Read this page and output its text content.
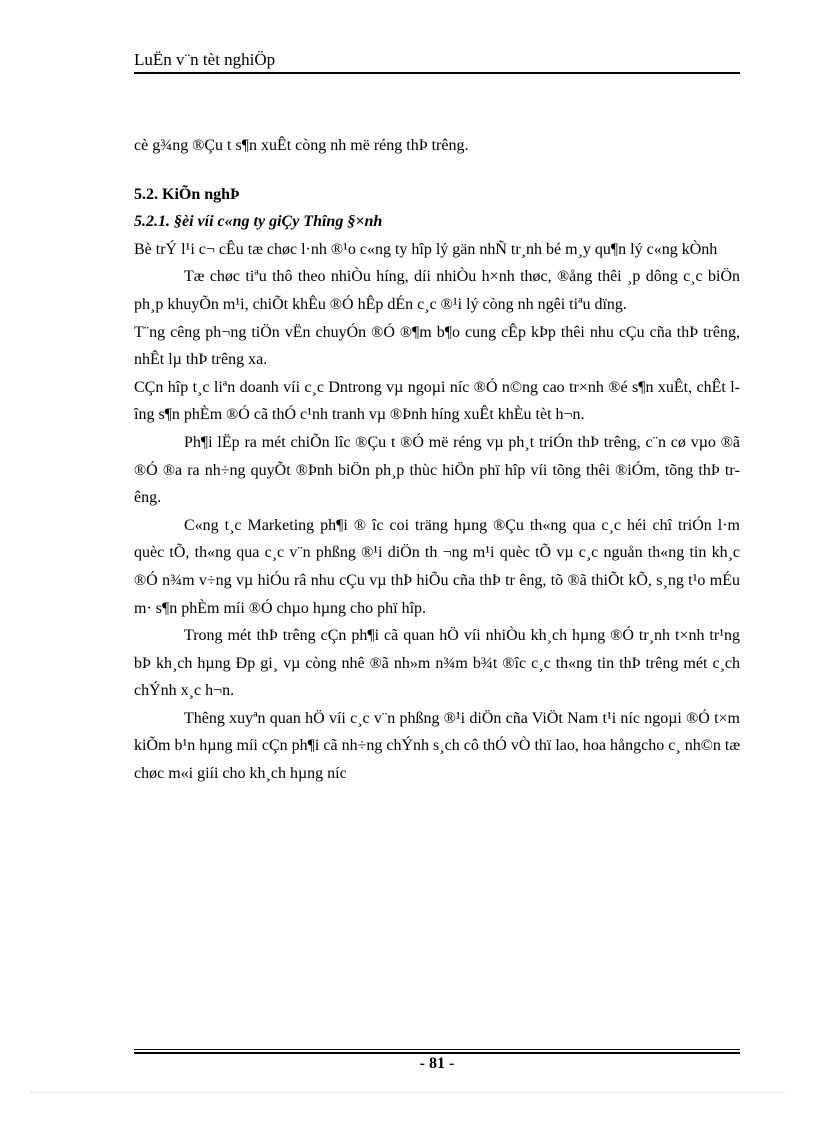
LuËn v¨n tèt nghiÖp

cè g¾ng ®Çu t s¶n xuÊt còng nh më réng thÞ trêng.

5.2. KiÕn nghÞ
5.2.1. §èi víi c«ng ty giÇy Thîng §×nh

Bè trÝ l¹i c¬ cÊu tæ chøc l·nh ®¹o c«ng ty hîp lý gän nhÑ tr¸nh bé m¸y qu¶n lý c«ng kÒnh

Tæ chøc tiªu thô theo nhiÒu híng, díi nhiÒu h×nh thøc, ®ång thêi ¸p dông c¸c biÖn ph¸p khuyÕn m¹i, chiÕt khÊu ®Ó hÊp dÉn c¸c ®¹i lý còng nh ngêi tiªu dïng.

T¨ng cêng ph¬ng tiÖn vËn chuyÓn ®Ó ®¶m b¶o cung cÊp kÞp thêi nhu cÇu cña thÞ trêng, nhÊt lµ thÞ trêng xa.

CÇn hîp t¸c liªn doanh víi c¸c Dntrong vµ ngoµi níc ®Ó n©ng cao tr×nh ®é s¶n xuÊt, chÊt lîng s¶n phÈm ®Ó cã thÓ c¹nh tranh vµ ®Þnh híng xuÊt khÈu tèt h¬n.

Ph¶i lËp ra mét chiÕn lîc ®Çu t ®Ó më réng vµ ph¸t triÓn thÞ trêng, c¨n cø vµo ®ã ®Ó ®a ra nh÷ng quyÕt ®Þnh biÖn ph¸p thùc hiÖn phï hîp víi tõng thêi ®iÓm, tõng thÞ trêng.

C«ng t¸c Marketing ph¶i ® îc coi träng hµng ®Çu th«ng qua c¸c héi chî triÓn l·m quèc tÕ, th«ng qua c¸c v¨n phßng ®¹i diÖn th ¬ng m¹i quèc tÕ vµ c¸c nguån th«ng tin kh¸c ®Ó n¾m v÷ng vµ hiÓu râ nhu cÇu vµ thÞ hiÕu cña thÞ tr êng, tõ ®ã thiÕt kÕ, s¸ng t¹o mÉu m· s¶n phÈm míi ®Ó chµo hµng cho phï hîp.

Trong mét thÞ trêng cÇn ph¶i cã quan hÖ víi nhiÒu kh¸ch hµng ®Ó tr¸nh t×nh tr¹ng bÞ kh¸ch hµng Ðp gi¸ vµ còng nhê ®ã nh»m n¾m b¾t ®îc c¸c th«ng tin thÞ trêng mét c¸ch chÝnh x¸c h¬n.

Thêng xuyªn quan hÖ víi c¸c v¨n phßng ®¹i diÖn cña ViÖt Nam t¹i níc ngoµi ®Ó t×m kiÕm b¹n hµng míi cÇn ph¶i cã nh÷ng chÝnh s¸ch cô thÓ vÒ thï lao, hoa hångcho c¸ nh©n tæ chøc m«i giíi cho kh¸ch hµng níc

- 81 -
